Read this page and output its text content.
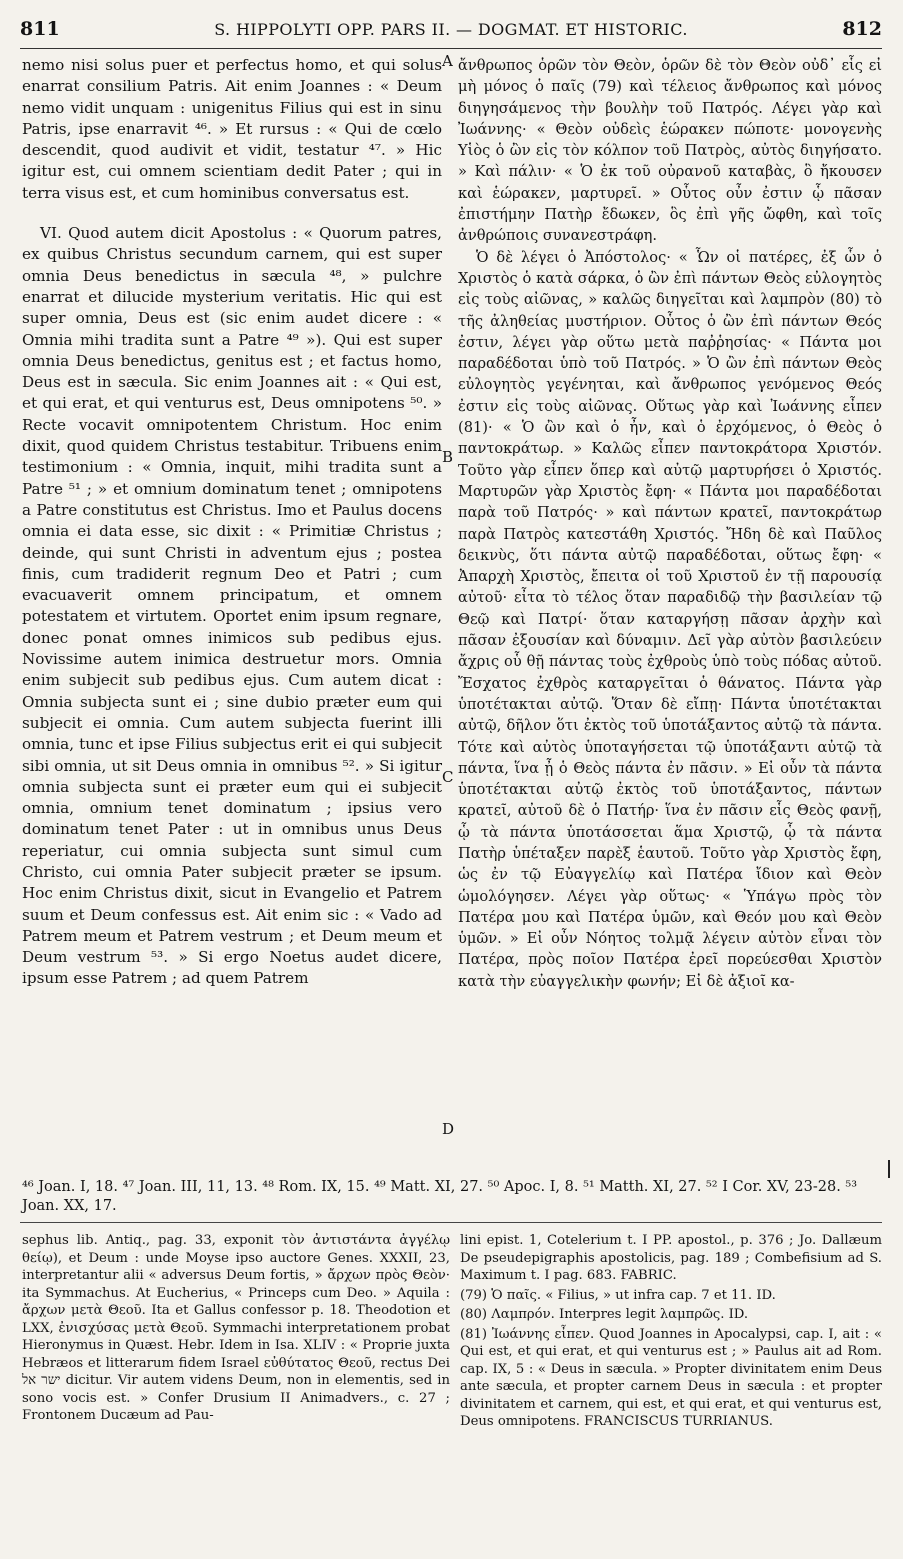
811	S. HIPPOLYTI OPP. PARS II. — DOGMAT. ET HISTORIC.	812

nemo nisi solus puer et perfectus homo, et qui solus enarrat consilium Patris. Ait enim Joannes : « Deum nemo vidit unquam : unigenitus Filius qui est in sinu Patris, ipse enarravit ⁴⁶. » Et rursus : « Qui de cœlo descendit, quod audivit et vidit, testatur ⁴⁷. » Hic igitur est, cui omnem scientiam dedit Pater ; qui in terra visus est, et cum hominibus conversatus est.

VI. Quod autem dicit Apostolus : « Quorum patres, ex quibus Christus secundum carnem, qui est super omnia Deus benedictus in sæcula ⁴⁸, » pulchre enarrat et dilucide mysterium veritatis. Hic qui est super omnia, Deus est (sic enim audet dicere : « Omnia mihi tradita sunt a Patre ⁴⁹ »). Qui est super omnia Deus benedictus, genitus est ; et factus homo, Deus est in sæcula. Sic enim Joannes ait : « Qui est, et qui erat, et qui venturus est, Deus omnipotens ⁵⁰. » Recte vocavit omnipotentem Christum. Hoc enim dixit, quod quidem Christus testabitur. Tribuens enim testimonium : « Omnia, inquit, mihi tradita sunt a Patre ⁵¹ ; » et omnium dominatum tenet ; omnipotens a Patre constitutus est Christus. Imo et Paulus docens omnia ei data esse, sic dixit : « Primitiæ Christus ; deinde, qui sunt Christi in adventum ejus ; postea finis, cum tradiderit regnum Deo et Patri ; cum evacuaverit omnem principatum, et omnem potestatem et virtutem. Oportet enim ipsum regnare, donec ponat omnes inimicos sub pedibus ejus. Novissime autem inimica destruetur mors. Omnia enim subjecit sub pedibus ejus. Cum autem dicat : Omnia subjecta sunt ei ; sine dubio præter eum qui subjecit ei omnia. Cum autem subjecta fuerint illi omnia, tunc et ipse Filius subjectus erit ei qui subjecit sibi omnia, ut sit Deus omnia in omnibus ⁵². » Si igitur omnia subjecta sunt ei præter eum qui ei subjecit omnia, omnium tenet dominatum ; ipsius vero dominatum tenet Pater : ut in omnibus unus Deus reperiatur, cui omnia subjecta sunt simul cum Christo, cui omnia Pater subjecit præter se ipsum. Hoc enim Christus dixit, sicut in Evangelio et Patrem suum et Deum confessus est. Ait enim sic : « Vado ad Patrem meum et Patrem vestrum ; et Deum meum et Deum vestrum ⁵³. » Si ergo Noetus audet dicere, ipsum esse Patrem ; ad quem Patrem

A
B
C
D

ἄνθρωπος ὁρῶν τὸν Θεὸν, ὁρῶν δὲ τὸν Θεὸν οὐδ᾽ εἷς εἰ μὴ μόνος ὁ παῖς (79) καὶ τέλειος ἄνθρωπος καὶ μόνος διηγησάμενος τὴν βουλὴν τοῦ Πατρός. Λέγει γὰρ καὶ Ἰωάννης· « Θεὸν οὐδεὶς ἑώρακεν πώποτε· μονογενὴς Υἱὸς ὁ ὢν εἰς τὸν κόλπον τοῦ Πατρὸς, αὐτὸς διηγήσατο. » Καὶ πάλιν· « Ὁ ἐκ τοῦ οὐρανοῦ καταβὰς, ὃ ἤκουσεν καὶ ἑώρακεν, μαρτυρεῖ. » Οὗτος οὖν ἐστιν ᾧ πᾶσαν ἐπιστήμην Πατὴρ ἔδωκεν, ὃς ἐπὶ γῆς ὤφθη, καὶ τοῖς ἀνθρώποις συνανεστράφη.

Ὁ δὲ λέγει ὁ Ἀπόστολος· « Ὧν οἱ πατέρες, ἐξ ὧν ὁ Χριστὸς ὁ κατὰ σάρκα, ὁ ὢν ἐπὶ πάντων Θεὸς εὐλογητὸς εἰς τοὺς αἰῶνας, » καλῶς διηγεῖται καὶ λαμπρὸν (80) τὸ τῆς ἀληθείας μυστήριον. Οὗτος ὁ ὢν ἐπὶ πάντων Θεός ἐστιν, λέγει γὰρ οὕτω μετὰ παῤῥησίας· « Πάντα μοι παραδέδοται ὑπὸ τοῦ Πατρός. » Ὁ ὢν ἐπὶ πάντων Θεὸς εὐλογητὸς γεγένηται, καὶ ἄνθρωπος γενόμενος Θεός ἐστιν εἰς τοὺς αἰῶνας. Οὕτως γὰρ καὶ Ἰωάννης εἶπεν (81)· « Ὁ ὢν καὶ ὁ ἦν, καὶ ὁ ἐρχόμενος, ὁ Θεὸς ὁ παντοκράτωρ. » Καλῶς εἶπεν παντοκράτορα Χριστόν. Τοῦτο γὰρ εἶπεν ὅπερ καὶ αὐτῷ μαρτυρήσει ὁ Χριστός. Μαρτυρῶν γὰρ Χριστὸς ἔφη· « Πάντα μοι παραδέδοται παρὰ τοῦ Πατρός· » καὶ πάντων κρατεῖ, παντοκράτωρ παρὰ Πατρὸς κατεστάθη Χριστός. Ἤδη δὲ καὶ Παῦλος δεικνὺς, ὅτι πάντα αὐτῷ παραδέδοται, οὕτως ἔφη· « Ἀπαρχὴ Χριστὸς, ἔπειτα οἱ τοῦ Χριστοῦ ἐν τῇ παρουσίᾳ αὐτοῦ· εἶτα τὸ τέλος ὅταν παραδιδῷ τὴν βασιλείαν τῷ Θεῷ καὶ Πατρί· ὅταν καταργήσῃ πᾶσαν ἀρχὴν καὶ πᾶσαν ἐξουσίαν καὶ δύναμιν. Δεῖ γὰρ αὐτὸν βασιλεύειν ἄχρις οὗ θῇ πάντας τοὺς ἐχθροὺς ὑπὸ τοὺς πόδας αὐτοῦ. Ἔσχατος ἐχθρὸς καταργεῖται ὁ θάνατος. Πάντα γὰρ ὑποτέτακται αὐτῷ. Ὅταν δὲ εἴπῃ· Πάντα ὑποτέτακται αὐτῷ, δῆλον ὅτι ἐκτὸς τοῦ ὑποτάξαντος αὐτῷ τὰ πάντα. Τότε καὶ αὐτὸς ὑποταγήσεται τῷ ὑποτάξαντι αὐτῷ τὰ πάντα, ἵνα ᾖ ὁ Θεὸς πάντα ἐν πᾶσιν. » Εἰ οὖν τὰ πάντα ὑποτέτακται αὐτῷ ἐκτὸς τοῦ ὑποτάξαντος, πάντων κρατεῖ, αὐτοῦ δὲ ὁ Πατήρ· ἵνα ἐν πᾶσιν εἷς Θεὸς φανῇ, ᾧ τὰ πάντα ὑποτάσσεται ἅμα Χριστῷ, ᾧ τὰ πάντα Πατὴρ ὑπέταξεν παρὲξ ἑαυτοῦ. Τοῦτο γὰρ Χριστὸς ἔφη, ὡς ἐν τῷ Εὐαγγελίῳ καὶ Πατέρα ἴδιον καὶ Θεὸν ὡμολόγησεν. Λέγει γὰρ οὕτως· « Ὑπάγω πρὸς τὸν Πατέρα μου καὶ Πατέρα ὑμῶν, καὶ Θεόν μου καὶ Θεὸν ὑμῶν. » Εἰ οὖν Νόητος τολμᾷ λέγειν αὐτὸν εἶναι τὸν Πατέρα, πρὸς ποῖον Πατέρα ἐρεῖ πορεύεσθαι Χριστὸν κατὰ τὴν εὐαγγελικὴν φωνήν; Εἰ δὲ ἀξιοῖ κα-

⁴⁶ Joan. I, 18. ⁴⁷ Joan. III, 11, 13. ⁴⁸ Rom. IX, 15. ⁴⁹ Matt. XI, 27. ⁵⁰ Apoc. I, 8. ⁵¹ Matth. XI, 27. ⁵² I Cor. XV, 23-28. ⁵³ Joan. XX, 17.

sephus lib. Antiq., pag. 33, exponit τὸν ἀντιστάντα ἀγγέλῳ θείῳ), et Deum : unde Moyse ipso auctore Genes. XXXII, 23, interpretantur alii « adversus Deum fortis, » ἄρχων πρὸς Θεὸν· ita Symmachus. At Eucherius, « Princeps cum Deo. » Aquila : ἄρχων μετὰ Θεοῦ. Ita et Gallus confessor p. 18. Theodotion et LXX, ἐνισχύσας μετὰ Θεοῦ. Symmachi interpretationem probat Hieronymus in Quæst. Hebr. Idem in Isa. XLIV : « Proprie juxta Hebræos et litterarum fidem Israel εὐθύτατος Θεοῦ, rectus Dei ישר אל dicitur. Vir autem videns Deum, non in elementis, sed in sono vocis est. » Confer Drusium II Animadvers., c. 27 ; Frontonem Ducæum ad Pau-

lini epist. 1, Cotelerium t. I PP. apostol., p. 376 ; Jo. Dallæum De pseudepigraphis apostolicis, pag. 189 ; Combefisium ad S. Maximum t. I pag. 683. FABRIC.

(79) Ὁ παῖς. « Filius, » ut infra cap. 7 et 11. ID.

(80) Λαμπρόν. Interpres legit λαμπρῶς. ID.

(81) Ἰωάννης εἶπεν. Quod Joannes in Apocalypsi, cap. I, ait : « Qui est, et qui erat, et qui venturus est ; » Paulus ait ad Rom. cap. IX, 5 : « Deus in sæcula. » Propter divinitatem enim Deus ante sæcula, et propter carnem Deus in sæcula : et propter divinitatem et carnem, qui est, et qui erat, et qui venturus est, Deus omnipotens. FRANCISCUS TURRIANUS.
